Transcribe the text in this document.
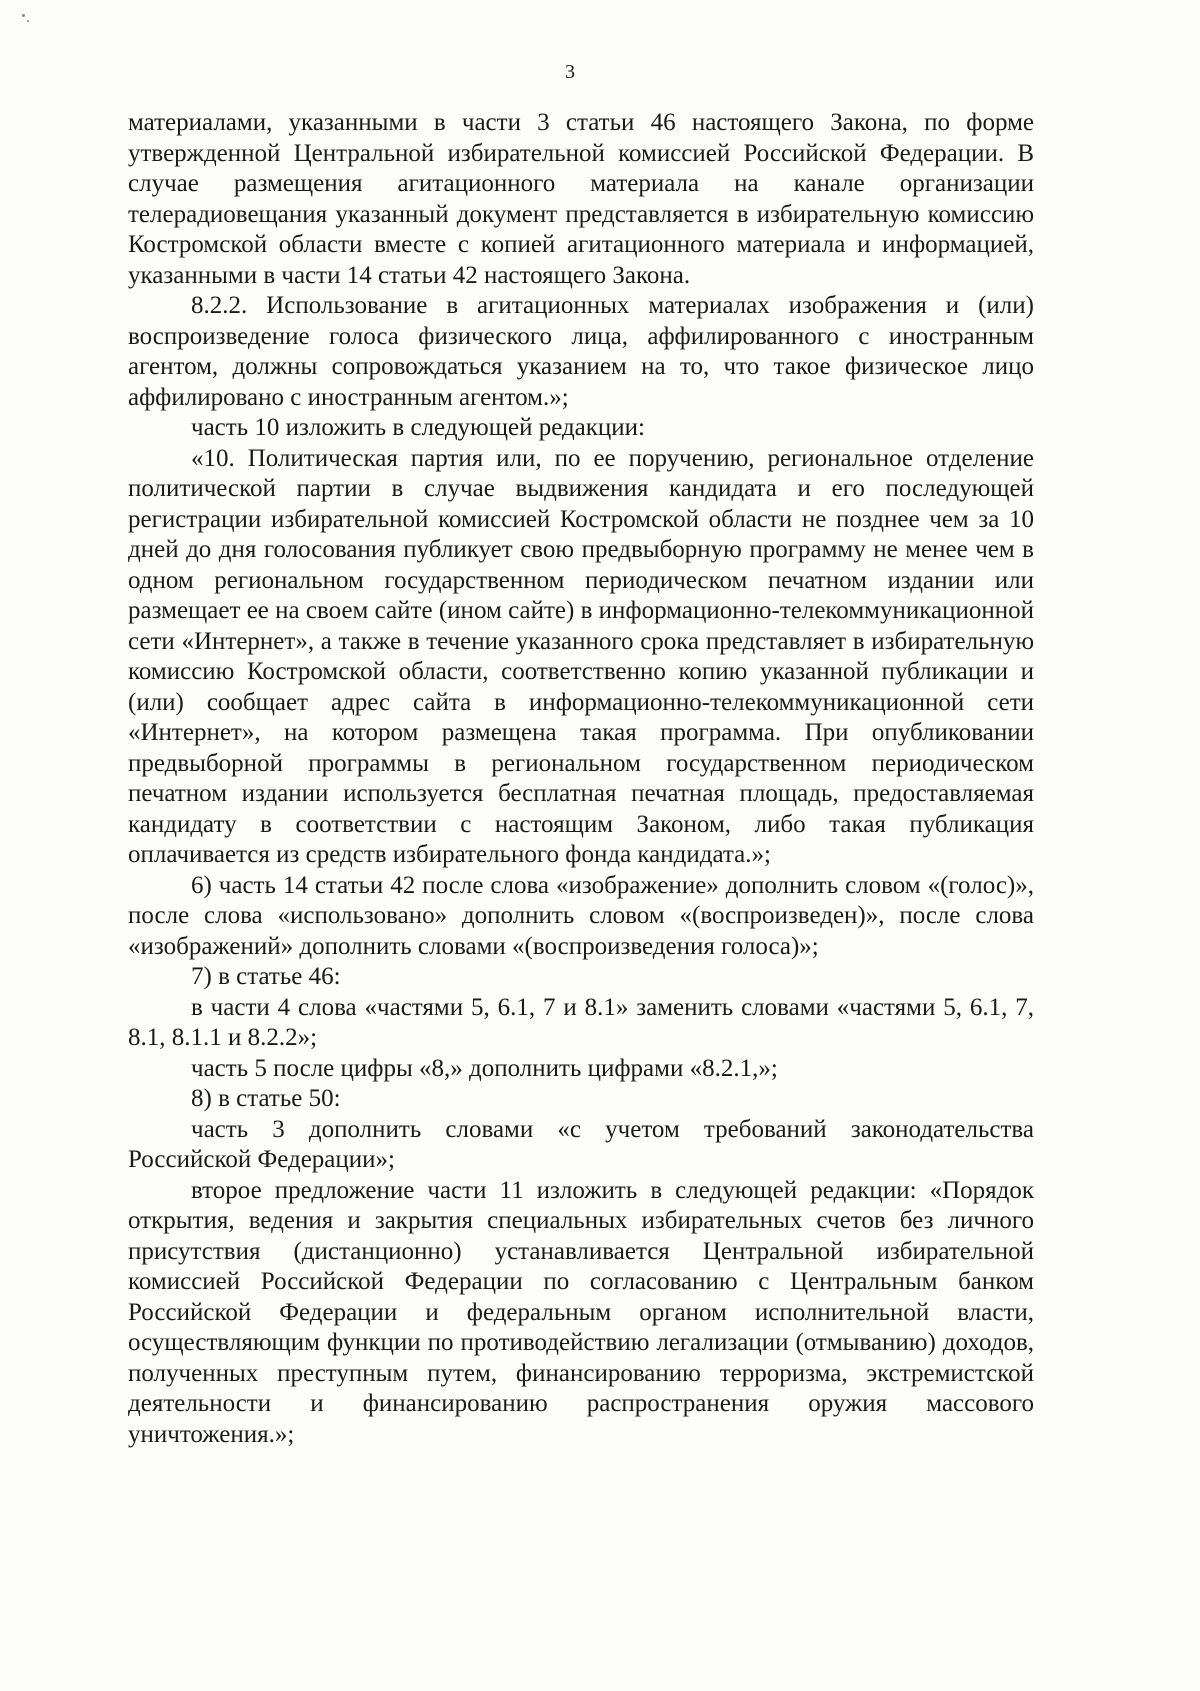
3

материалами, указанными в части 3 статьи 46 настоящего Закона, по форме утвержденной Центральной избирательной комиссией Российской Федерации. В случае размещения агитационного материала на канале организации телерадиовещания указанный документ представляется в избирательную комиссию Костромской области вместе с копией агитационного материала и информацией, указанными в части 14 статьи 42 настоящего Закона.

8.2.2. Использование в агитационных материалах изображения и (или) воспроизведение голоса физического лица, аффилированного с иностранным агентом, должны сопровождаться указанием на то, что такое физическое лицо аффилировано с иностранным агентом.»;

часть 10 изложить в следующей редакции:

«10. Политическая партия или, по ее поручению, региональное отделение политической партии в случае выдвижения кандидата и его последующей регистрации избирательной комиссией Костромской области не позднее чем за 10 дней до дня голосования публикует свою предвыборную программу не менее чем в одном региональном государственном периодическом печатном издании или размещает ее на своем сайте (ином сайте) в информационно-телекоммуникационной сети «Интернет», а также в течение указанного срока представляет в избирательную комиссию Костромской области, соответственно копию указанной публикации и (или) сообщает адрес сайта в информационно-телекоммуникационной сети «Интернет», на котором размещена такая программа. При опубликовании предвыборной программы в региональном государственном периодическом печатном издании используется бесплатная печатная площадь, предоставляемая кандидату в соответствии с настоящим Законом, либо такая публикация оплачивается из средств избирательного фонда кандидата.»;

6) часть 14 статьи 42 после слова «изображение» дополнить словом «(голос)», после слова «использовано» дополнить словом «(воспроизведен)», после слова «изображений» дополнить словами «(воспроизведения голоса)»;

7) в статье 46:

в части 4 слова «частями 5, 6.1, 7 и 8.1» заменить словами «частями 5, 6.1, 7, 8.1, 8.1.1 и 8.2.2»;

часть 5 после цифры «8,» дополнить цифрами «8.2.1,»;

8) в статье 50:

часть 3 дополнить словами «с учетом требований законодательства Российской Федерации»;

второе предложение части 11 изложить в следующей редакции: «Порядок открытия, ведения и закрытия специальных избирательных счетов без личного присутствия (дистанционно) устанавливается Центральной избирательной комиссией Российской Федерации по согласованию с Центральным банком Российской Федерации и федеральным органом исполнительной власти, осуществляющим функции по противодействию легализации (отмыванию) доходов, полученных преступным путем, финансированию терроризма, экстремистской деятельности и финансированию распространения оружия массового уничтожения.»;
